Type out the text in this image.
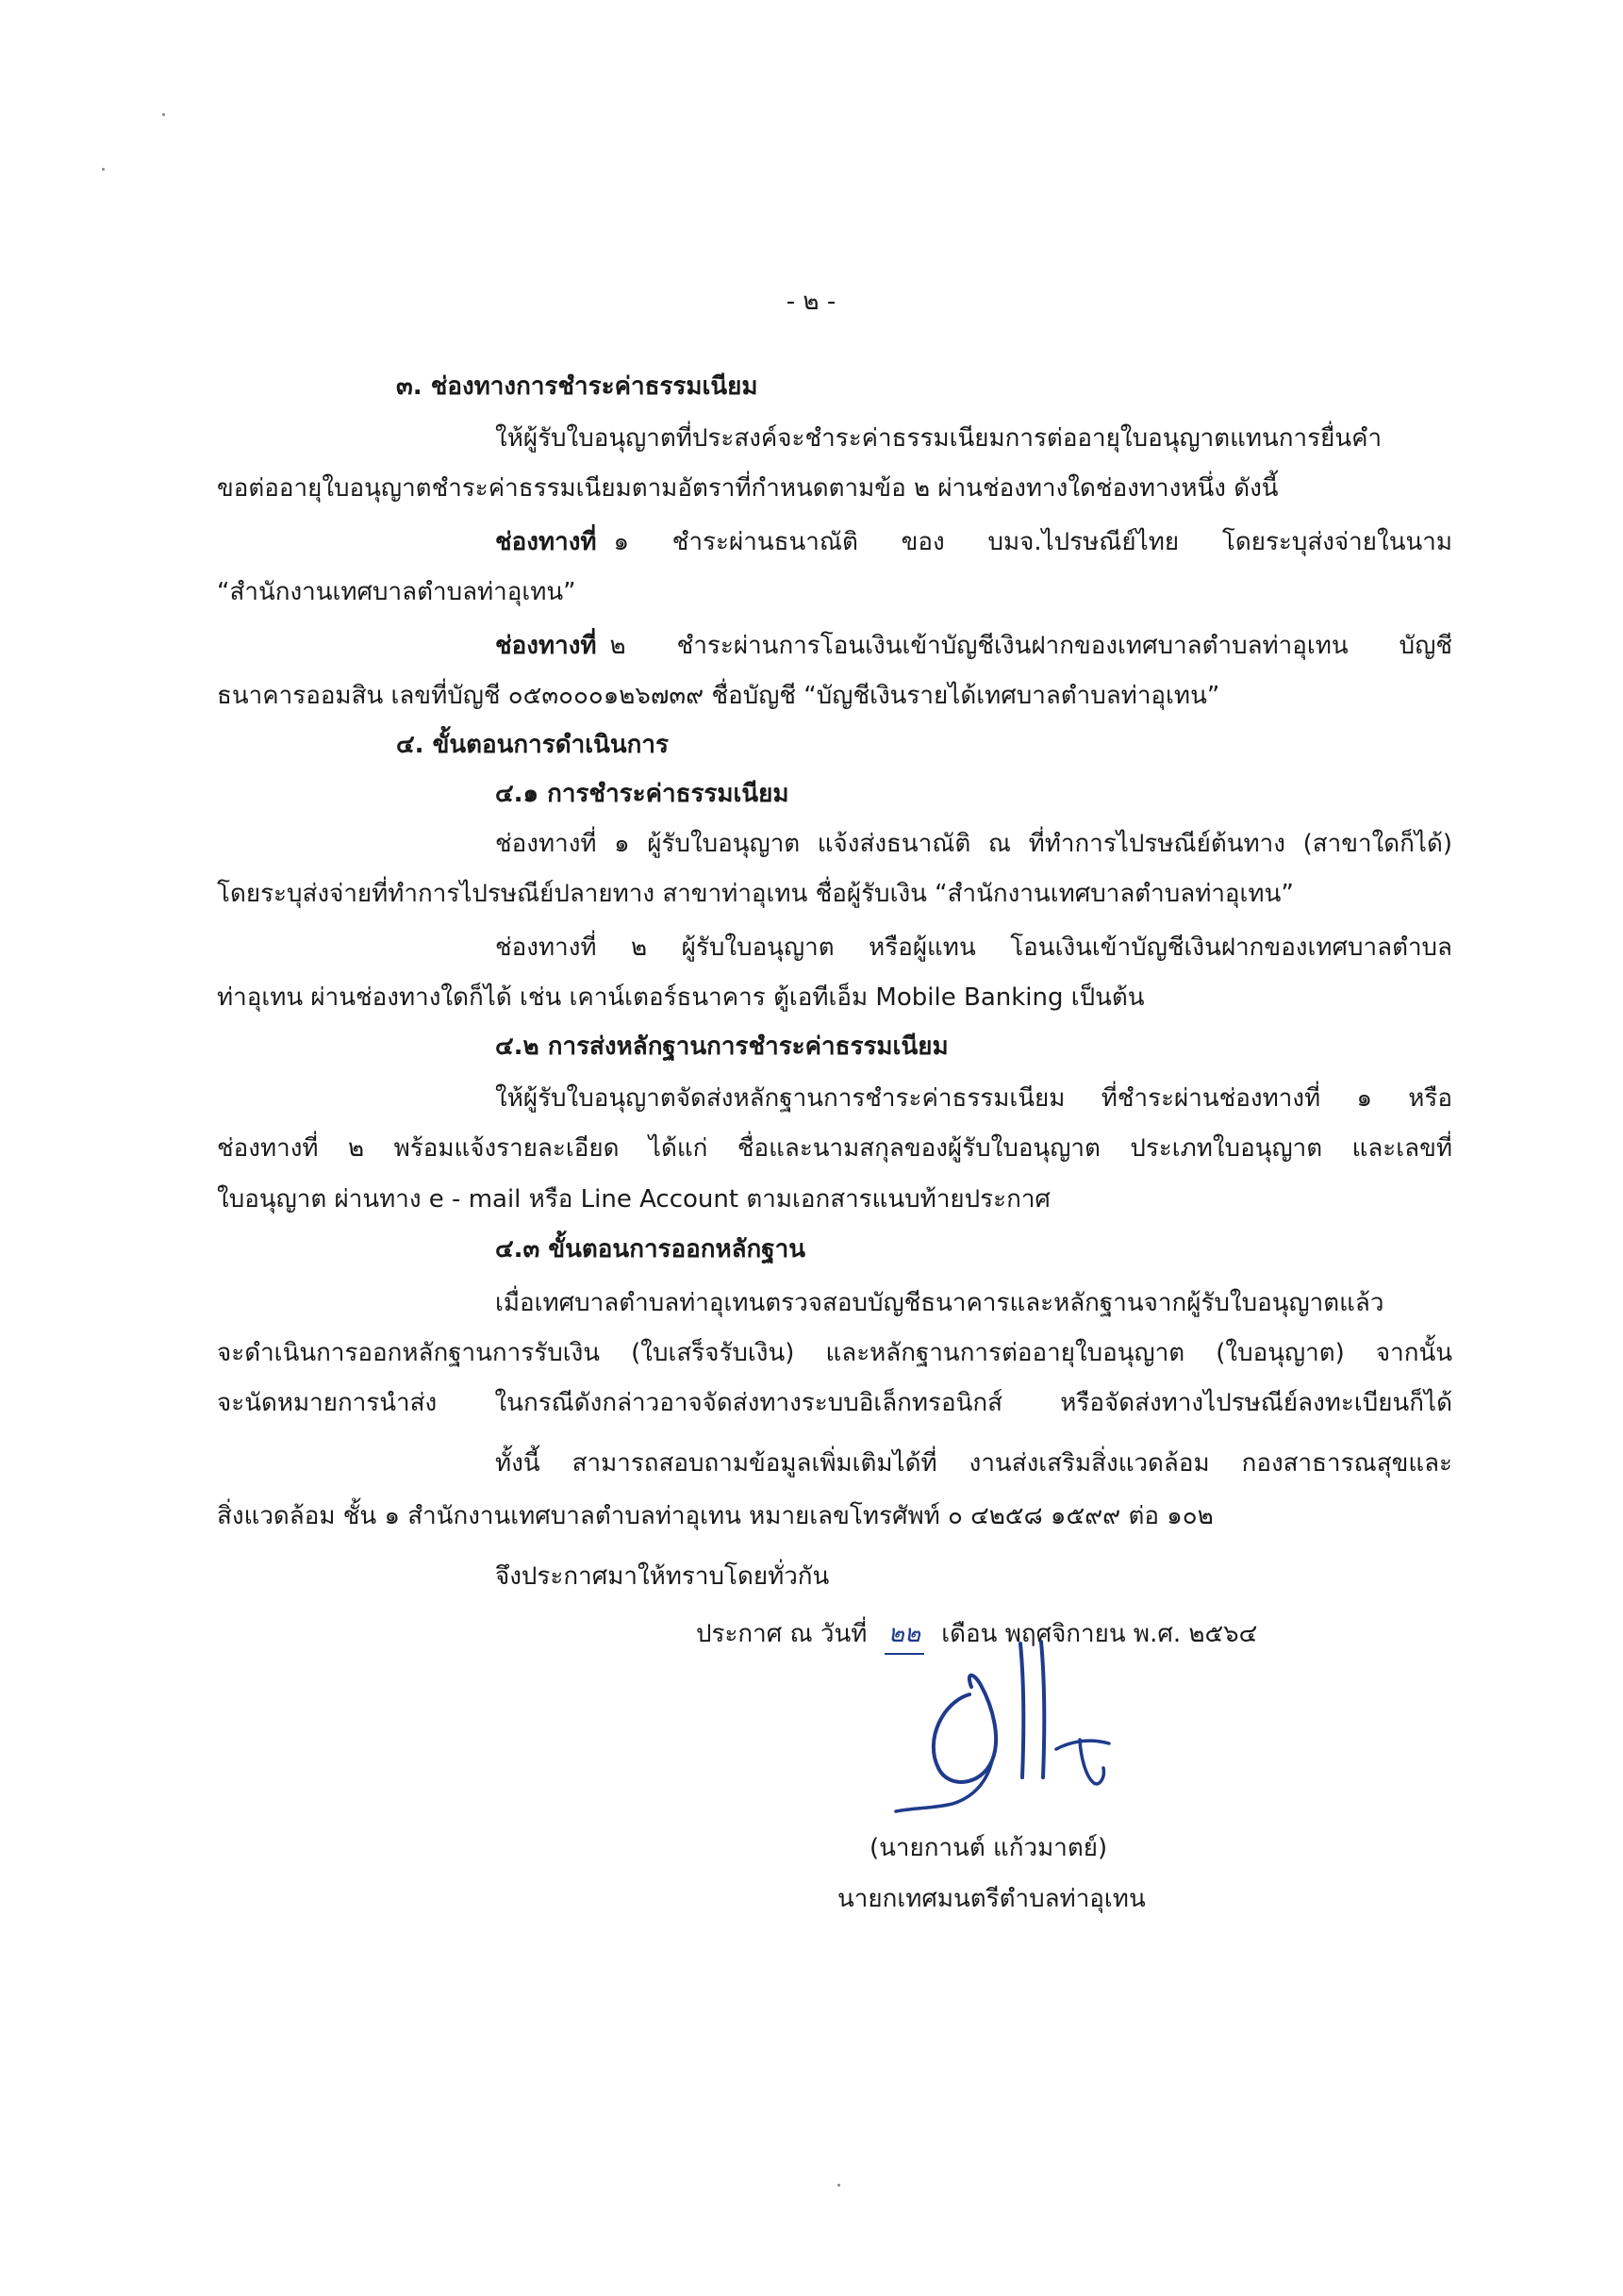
- ๒ -
๓. ช่องทางการชำระค่าธรรมเนียม
ให้ผู้รับใบอนุญาตที่ประสงค์จะชำระค่าธรรมเนียมการต่ออายุใบอนุญาตแทนการยื่นคำ
ขอต่ออายุใบอนุญาตชำระค่าธรรมเนียมตามอัตราที่กำหนดตามข้อ ๒ ผ่านช่องทางใดช่องทางหนึ่ง ดังนี้
ช่องทางที่ ๑ ชำระผ่านธนาณัติ ของ บมจ.ไปรษณีย์ไทย โดยระบุส่งจ่ายในนาม
“สำนักงานเทศบาลตำบลท่าอุเทน”
ช่องทางที่ ๒ ชำระผ่านการโอนเงินเข้าบัญชีเงินฝากของเทศบาลตำบลท่าอุเทน บัญชี
ธนาคารออมสิน เลขที่บัญชี ๐๕๓๐๐๐๑๒๖๗๓๙ ชื่อบัญชี “บัญชีเงินรายได้เทศบาลตำบลท่าอุเทน”
๔. ขั้นตอนการดำเนินการ
๔.๑ การชำระค่าธรรมเนียม
ช่องทางที่ ๑ ผู้รับใบอนุญาต แจ้งส่งธนาณัติ ณ ที่ทำการไปรษณีย์ต้นทาง (สาขาใดก็ได้)
โดยระบุส่งจ่ายที่ทำการไปรษณีย์ปลายทาง สาขาท่าอุเทน ชื่อผู้รับเงิน “สำนักงานเทศบาลตำบลท่าอุเทน”
ช่องทางที่ ๒ ผู้รับใบอนุญาต หรือผู้แทน โอนเงินเข้าบัญชีเงินฝากของเทศบาลตำบล
ท่าอุเทน ผ่านช่องทางใดก็ได้ เช่น เคาน์เตอร์ธนาคาร ตู้เอทีเอ็ม Mobile Banking เป็นต้น
๔.๒ การส่งหลักฐานการชำระค่าธรรมเนียม
ให้ผู้รับใบอนุญาตจัดส่งหลักฐานการชำระค่าธรรมเนียม ที่ชำระผ่านช่องทางที่ ๑ หรือ
ช่องทางที่ ๒ พร้อมแจ้งรายละเอียด ได้แก่ ชื่อและนามสกุลของผู้รับใบอนุญาต ประเภทใบอนุญาต และเลขที่
ใบอนุญาต ผ่านทาง e - mail หรือ Line Account ตามเอกสารแนบท้ายประกาศ
๔.๓ ขั้นตอนการออกหลักฐาน
เมื่อเทศบาลตำบลท่าอุเทนตรวจสอบบัญชีธนาคารและหลักฐานจากผู้รับใบอนุญาตแล้ว
จะดำเนินการออกหลักฐานการรับเงิน (ใบเสร็จรับเงิน) และหลักฐานการต่ออายุใบอนุญาต (ใบอนุญาต) จากนั้น
จะนัดหมายการนำส่ง ในกรณีดังกล่าวอาจจัดส่งทางระบบอิเล็กทรอนิกส์ หรือจัดส่งทางไปรษณีย์ลงทะเบียนก็ได้
ทั้งนี้ สามารถสอบถามข้อมูลเพิ่มเติมได้ที่ งานส่งเสริมสิ่งแวดล้อม กองสาธารณสุขและ
สิ่งแวดล้อม ชั้น ๑ สำนักงานเทศบาลตำบลท่าอุเทน หมายเลขโทรศัพท์ ๐ ๔๒๕๘ ๑๕๙๙ ต่อ ๑๐๒
จึงประกาศมาให้ทราบโดยทั่วกัน
ประกาศ ณ วันที่ ๒๒ เดือน พฤศจิกายน พ.ศ. ๒๕๖๔
(นายกานต์ แก้วมาตย์)
นายกเทศมนตรีตำบลท่าอุเทน
